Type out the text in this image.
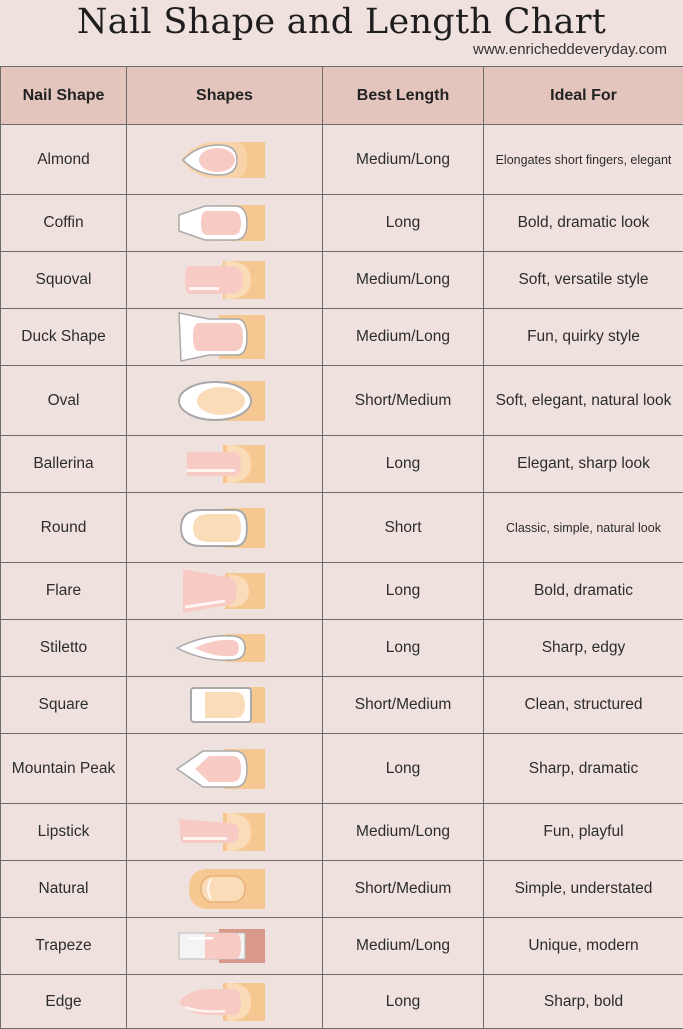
Nail Shape and Length Chart
www.enricheddeveryday.com
Nail Shape	Shapes	Best Length	Ideal For
Almond		Medium/Long	Elongates short fingers, elegant
Coffin		Long	Bold, dramatic look
Squoval		Medium/Long	Soft, versatile style
Duck Shape		Medium/Long	Fun, quirky style
Oval		Short/Medium	Soft, elegant, natural look
Ballerina		Long	Elegant, sharp look
Round		Short	Classic, simple, natural look
Flare		Long	Bold, dramatic
Stiletto		Long	Sharp, edgy
Square		Short/Medium	Clean, structured
Mountain Peak		Long	Sharp, dramatic
Lipstick		Medium/Long	Fun, playful
Natural		Short/Medium	Simple, understated
Trapeze		Medium/Long	Unique, modern
Edge		Long	Sharp, bold
